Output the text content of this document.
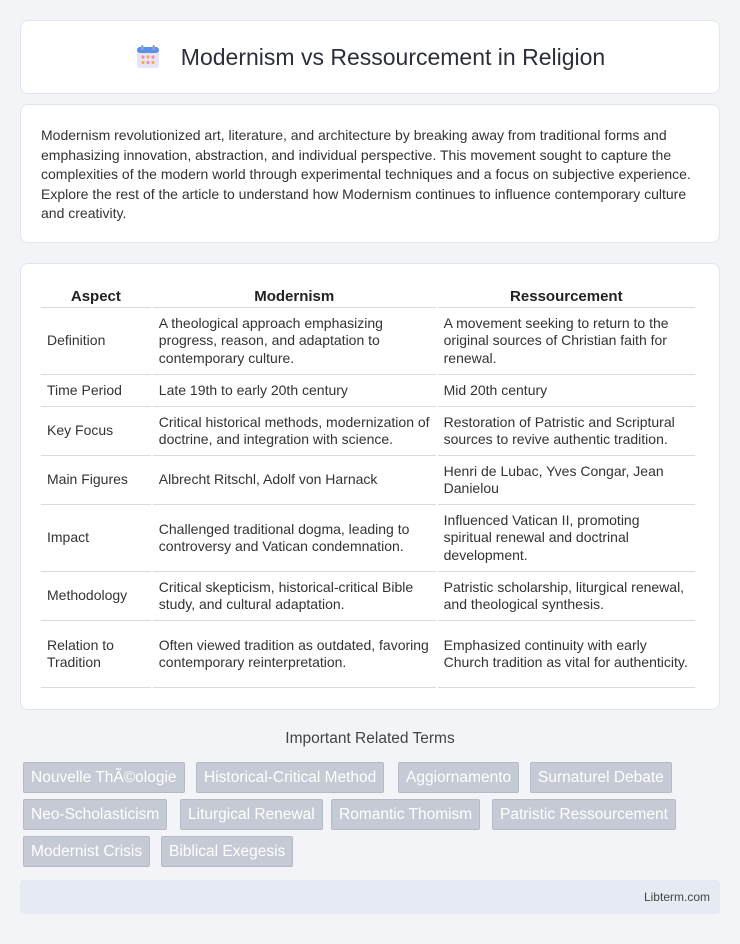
Modernism vs Ressourcement in Religion

Modernism revolutionized art, literature, and architecture by breaking away from traditional forms and emphasizing innovation, abstraction, and individual perspective. This movement sought to capture the complexities of the modern world through experimental techniques and a focus on subjective experience. Explore the rest of the article to understand how Modernism continues to influence contemporary culture and creativity.

Aspect	Modernism	Ressourcement
Definition	A theological approach emphasizing progress, reason, and adaptation to contemporary culture.	A movement seeking to return to the original sources of Christian faith for renewal.
Time Period	Late 19th to early 20th century	Mid 20th century
Key Focus	Critical historical methods, modernization of doctrine, and integration with science.	Restoration of Patristic and Scriptural sources to revive authentic tradition.
Main Figures	Albrecht Ritschl, Adolf von Harnack	Henri de Lubac, Yves Congar, Jean Danielou
Impact	Challenged traditional dogma, leading to controversy and Vatican condemnation.	Influenced Vatican II, promoting spiritual renewal and doctrinal development.
Methodology	Critical skepticism, historical-critical Bible study, and cultural adaptation.	Patristic scholarship, liturgical renewal, and theological synthesis.
Relation to Tradition	Often viewed tradition as outdated, favoring contemporary reinterpretation.	Emphasized continuity with early Church tradition as vital for authenticity.
Important Related Terms
Nouvelle ThÃ©ologie	Historical-Critical Method	Aggiornamento	Surnaturel Debate
Neo-Scholasticism	Liturgical Renewal	Romantic Thomism	Patristic Ressourcement
Modernist Crisis	Biblical Exegesis
Libterm.com
